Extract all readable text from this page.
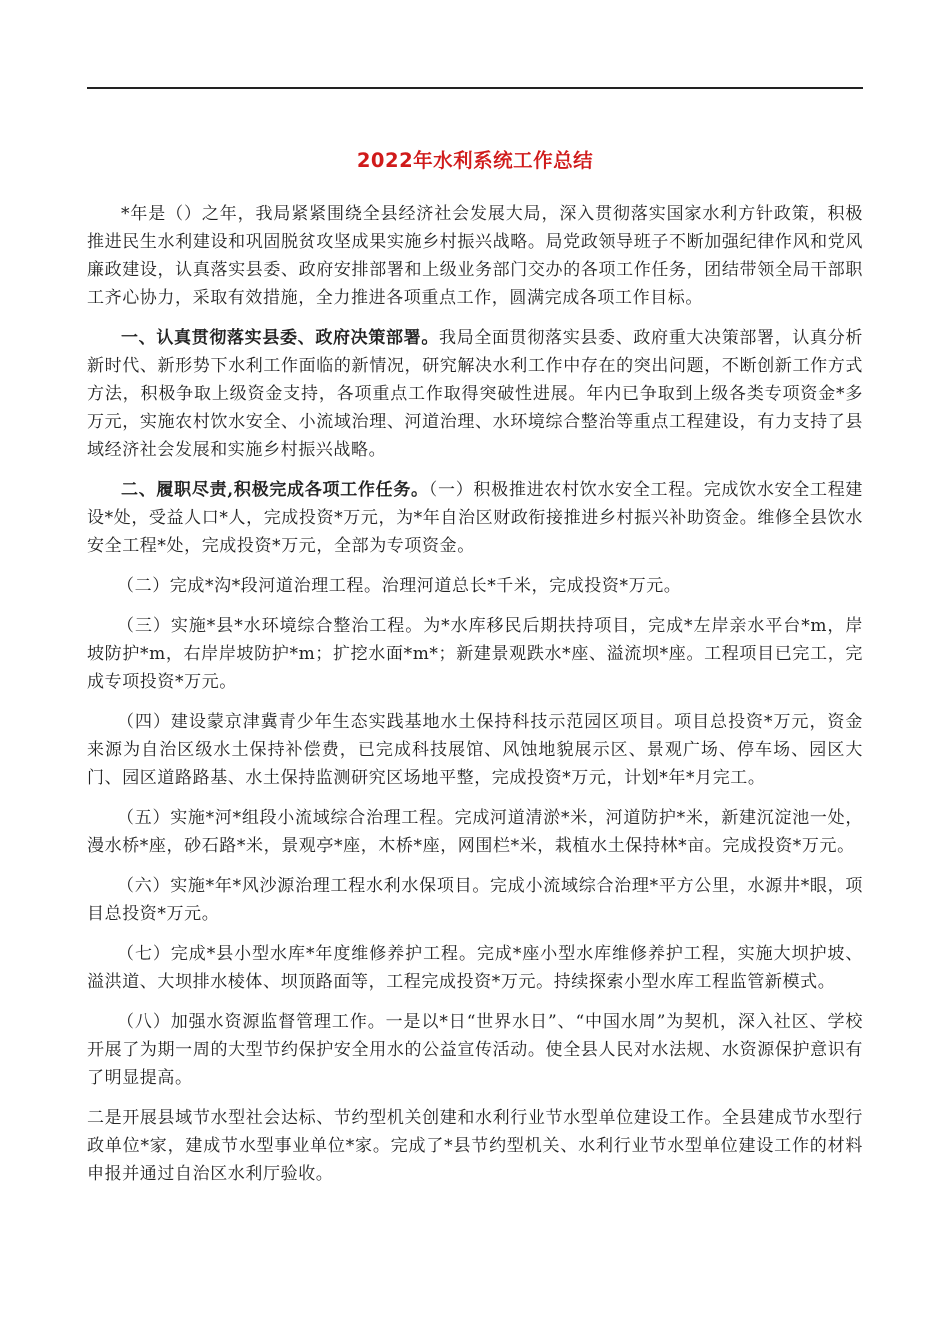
2022年水利系统工作总结

*年是（）之年，我局紧紧围绕全县经济社会发展大局，深入贯彻落实国家水利方针政策，积极推进民生水利建设和巩固脱贫攻坚成果实施乡村振兴战略。局党政领导班子不断加强纪律作风和党风廉政建设，认真落实县委、政府安排部署和上级业务部门交办的各项工作任务，团结带领全局干部职工齐心协力，采取有效措施，全力推进各项重点工作，圆满完成各项工作目标。

一、认真贯彻落实县委、政府决策部署。我局全面贯彻落实县委、政府重大决策部署，认真分析新时代、新形势下水利工作面临的新情况，研究解决水利工作中存在的突出问题，不断创新工作方式方法，积极争取上级资金支持，各项重点工作取得突破性进展。年内已争取到上级各类专项资金*多万元，实施农村饮水安全、小流域治理、河道治理、水环境综合整治等重点工程建设，有力支持了县域经济社会发展和实施乡村振兴战略。

二、履职尽责,积极完成各项工作任务。（一）积极推进农村饮水安全工程。完成饮水安全工程建设*处，受益人口*人，完成投资*万元，为*年自治区财政衔接推进乡村振兴补助资金。维修全县饮水安全工程*处，完成投资*万元，全部为专项资金。

（二）完成*沟*段河道治理工程。治理河道总长*千米，完成投资*万元。

（三）实施*县*水环境综合整治工程。为*水库移民后期扶持项目，完成*左岸亲水平台*m，岸坡防护*m，右岸岸坡防护*m；扩挖水面*m*；新建景观跌水*座、溢流坝*座。工程项目已完工，完成专项投资*万元。

（四）建设蒙京津冀青少年生态实践基地水土保持科技示范园区项目。项目总投资*万元，资金来源为自治区级水土保持补偿费，已完成科技展馆、风蚀地貌展示区、景观广场、停车场、园区大门、园区道路路基、水土保持监测研究区场地平整，完成投资*万元，计划*年*月完工。

（五）实施*河*组段小流域综合治理工程。完成河道清淤*米，河道防护*米，新建沉淀池一处，漫水桥*座，砂石路*米，景观亭*座，木桥*座，网围栏*米，栽植水土保持林*亩。完成投资*万元。

（六）实施*年*风沙源治理工程水利水保项目。完成小流域综合治理*平方公里，水源井*眼，项目总投资*万元。

（七）完成*县小型水库*年度维修养护工程。完成*座小型水库维修养护工程，实施大坝护坡、溢洪道、大坝排水棱体、坝顶路面等，工程完成投资*万元。持续探索小型水库工程监管新模式。

（八）加强水资源监督管理工作。一是以*日“世界水日”、“中国水周”为契机，深入社区、学校开展了为期一周的大型节约保护安全用水的公益宣传活动。使全县人民对水法规、水资源保护意识有了明显提高。

二是开展县域节水型社会达标、节约型机关创建和水利行业节水型单位建设工作。全县建成节水型行政单位*家，建成节水型事业单位*家。完成了*县节约型机关、水利行业节水型单位建设工作的材料申报并通过自治区水利厅验收。
